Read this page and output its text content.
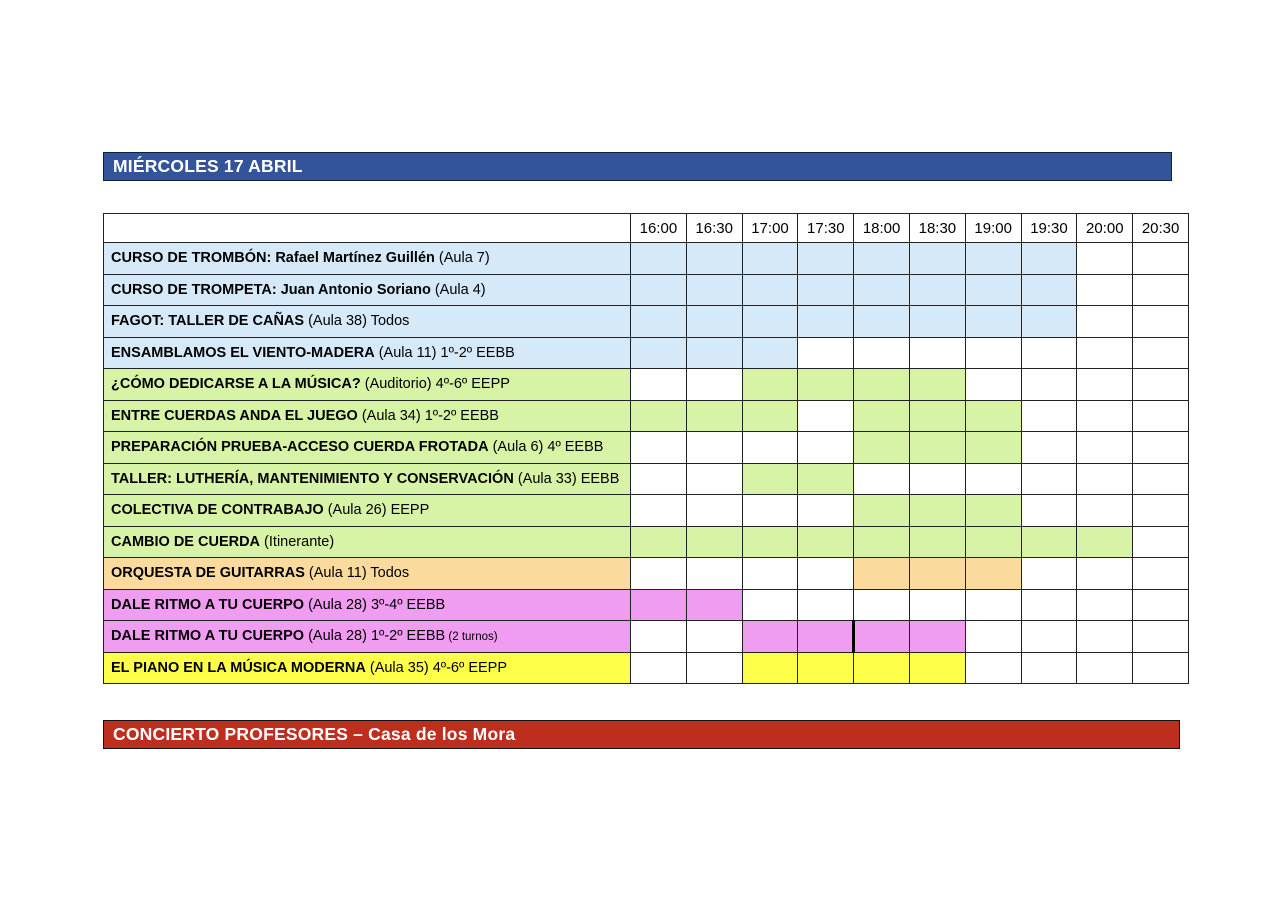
MIÉRCOLES 17 ABRIL
	16:00	16:30	17:00	17:30	18:00	18:30	19:00	19:30	20:00	20:30
CURSO DE TROMBÓN: Rafael Martínez Guillén (Aula 7)										
CURSO DE TROMPETA: Juan Antonio Soriano (Aula 4)										
FAGOT: TALLER DE CAÑAS (Aula 38) Todos										
ENSAMBLAMOS EL VIENTO-MADERA (Aula 11) 1º-2º EEBB										
¿CÓMO DEDICARSE A LA MÚSICA? (Auditorio) 4º-6º EEPP										
ENTRE CUERDAS ANDA EL JUEGO (Aula 34) 1º-2º EEBB										
PREPARACIÓN PRUEBA-ACCESO CUERDA FROTADA (Aula 6) 4º EEBB										
TALLER: LUTHERÍA, MANTENIMIENTO Y CONSERVACIÓN (Aula 33) EEBB										
COLECTIVA DE CONTRABAJO (Aula 26) EEPP										
CAMBIO DE CUERDA (Itinerante)										
ORQUESTA DE GUITARRAS (Aula 11) Todos										
DALE RITMO A TU CUERPO (Aula 28) 3º-4º EEBB										
DALE RITMO A TU CUERPO (Aula 28) 1º-2º EEBB (2 turnos)										
EL PIANO EN LA MÚSICA MODERNA (Aula 35) 4º-6º EEPP										
CONCIERTO PROFESORES – Casa de los Mora
